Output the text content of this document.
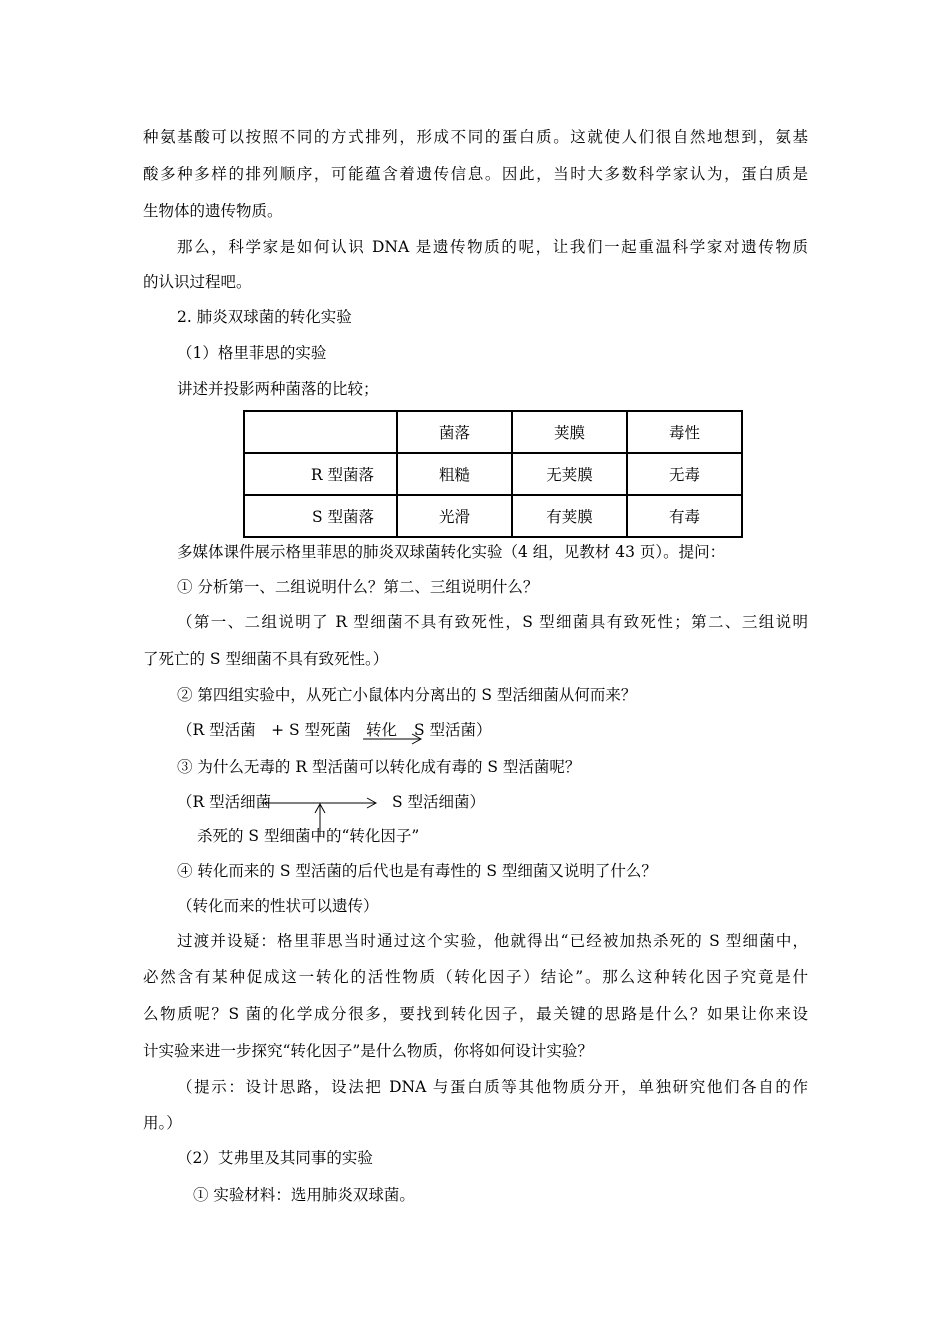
种氨基酸可以按照不同的方式排列，形成不同的蛋白质。这就使人们很自然地想到，氨基
酸多种多样的排列顺序，可能蕴含着遗传信息。因此，当时大多数科学家认为，蛋白质是
生物体的遗传物质。
那么，科学家是如何认识 DNA 是遗传物质的呢，让我们一起重温科学家对遗传物质
的认识过程吧。
2. 肺炎双球菌的转化实验
（1）格里菲思的实验
讲述并投影两种菌落的比较；
	菌落	荚膜	毒性
R 型菌落	粗糙	无荚膜	无毒
S 型菌落	光滑	有荚膜	有毒
多媒体课件展示格里菲思的肺炎双球菌转化实验（4 组，见教材 43 页）。提问：
① 分析第一、二组说明什么？第二、三组说明什么？
（第一、二组说明了 R 型细菌不具有致死性，S 型细菌具有致死性；第二、三组说明
了死亡的 S 型细菌不具有致死性。）
② 第四组实验中，从死亡小鼠体内分离出的 S 型活细菌从何而来？
（R 型活菌　+ S 型死菌 转化 S 型活菌）
③ 为什么无毒的 R 型活菌可以转化成有毒的 S 型活菌呢？
（R 型活细菌	S 型活细菌）
杀死的 S 型细菌中的“转化因子”
④ 转化而来的 S 型活菌的后代也是有毒性的 S 型细菌又说明了什么？
（转化而来的性状可以遗传）
过渡并设疑：格里菲思当时通过这个实验，他就得出“已经被加热杀死的 S 型细菌中，
必然含有某种促成这一转化的活性物质（转化因子）结论”。那么这种转化因子究竟是什
么物质呢？S 菌的化学成分很多，要找到转化因子，最关键的思路是什么？如果让你来设
计实验来进一步探究“转化因子”是什么物质，你将如何设计实验？
（提示：设计思路，设法把 DNA 与蛋白质等其他物质分开，单独研究他们各自的作
用。）
（2）艾弗里及其同事的实验
① 实验材料：选用肺炎双球菌。
